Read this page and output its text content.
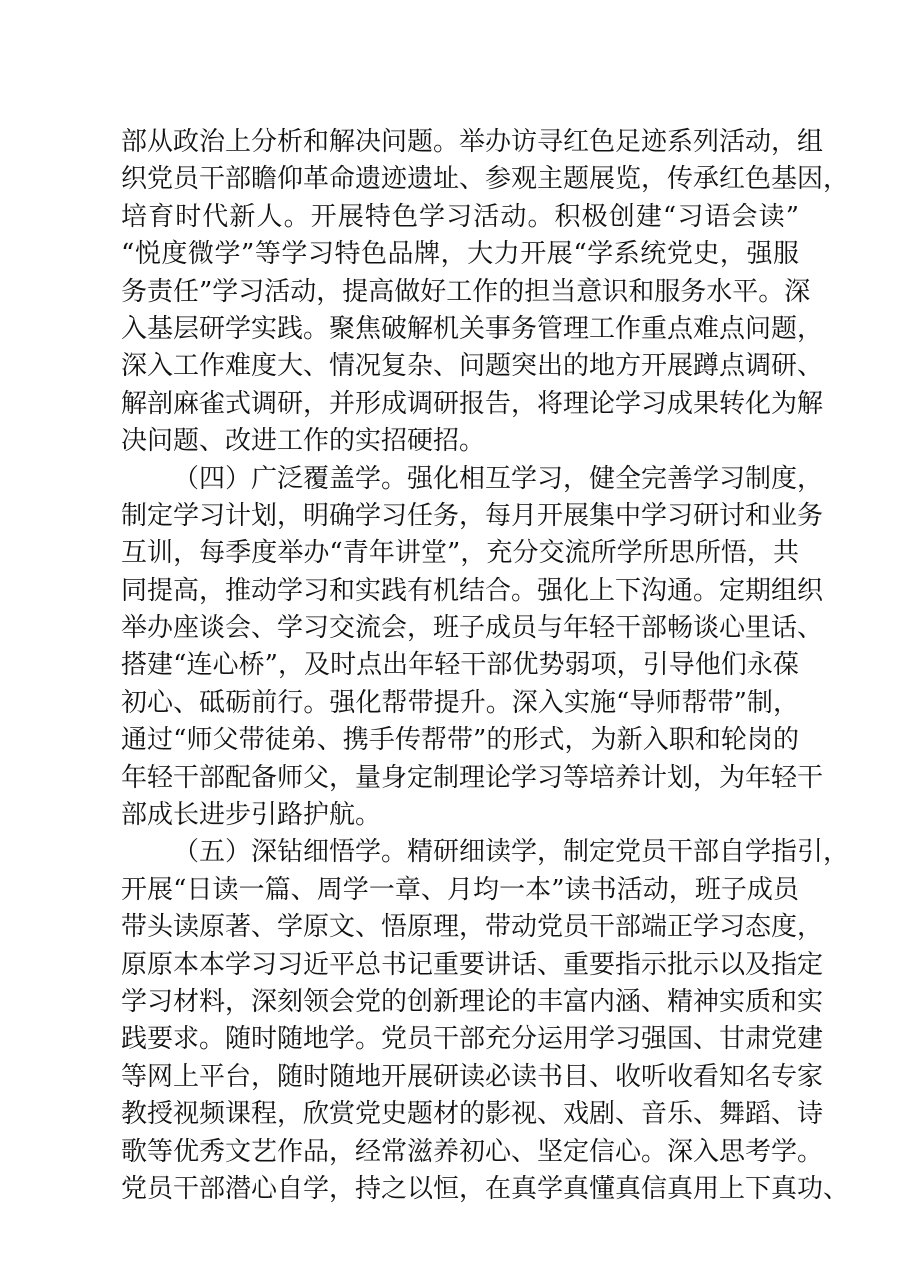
部从政治上分析和解决问题。举办访寻红色足迹系列活动，组
织党员干部瞻仰革命遗迹遗址、参观主题展览，传承红色基因，
培育时代新人。开展特色学习活动。积极创建“习语会读”
“悦度微学”等学习特色品牌，大力开展“学系统党史，强服
务责任”学习活动，提高做好工作的担当意识和服务水平。深
入基层研学实践。聚焦破解机关事务管理工作重点难点问题，
深入工作难度大、情况复杂、问题突出的地方开展蹲点调研、
解剖麻雀式调研，并形成调研报告，将理论学习成果转化为解
决问题、改进工作的实招硬招。
（四）广泛覆盖学。强化相互学习，健全完善学习制度，
制定学习计划，明确学习任务，每月开展集中学习研讨和业务
互训，每季度举办“青年讲堂”，充分交流所学所思所悟，共
同提高，推动学习和实践有机结合。强化上下沟通。定期组织
举办座谈会、学习交流会，班子成员与年轻干部畅谈心里话、
搭建“连心桥”，及时点出年轻干部优势弱项，引导他们永葆
初心、砥砺前行。强化帮带提升。深入实施“导师帮带”制，
通过“师父带徒弟、携手传帮带”的形式，为新入职和轮岗的
年轻干部配备师父，量身定制理论学习等培养计划，为年轻干
部成长进步引路护航。
（五）深钻细悟学。精研细读学，制定党员干部自学指引，
开展“日读一篇、周学一章、月均一本”读书活动，班子成员
带头读原著、学原文、悟原理，带动党员干部端正学习态度，
原原本本学习习近平总书记重要讲话、重要指示批示以及指定
学习材料，深刻领会党的创新理论的丰富内涵、精神实质和实
践要求。随时随地学。党员干部充分运用学习强国、甘肃党建
等网上平台，随时随地开展研读必读书目、收听收看知名专家
教授视频课程，欣赏党史题材的影视、戏剧、音乐、舞蹈、诗
歌等优秀文艺作品，经常滋养初心、坚定信心。深入思考学。
党员干部潜心自学，持之以恒，在真学真懂真信真用上下真功、
